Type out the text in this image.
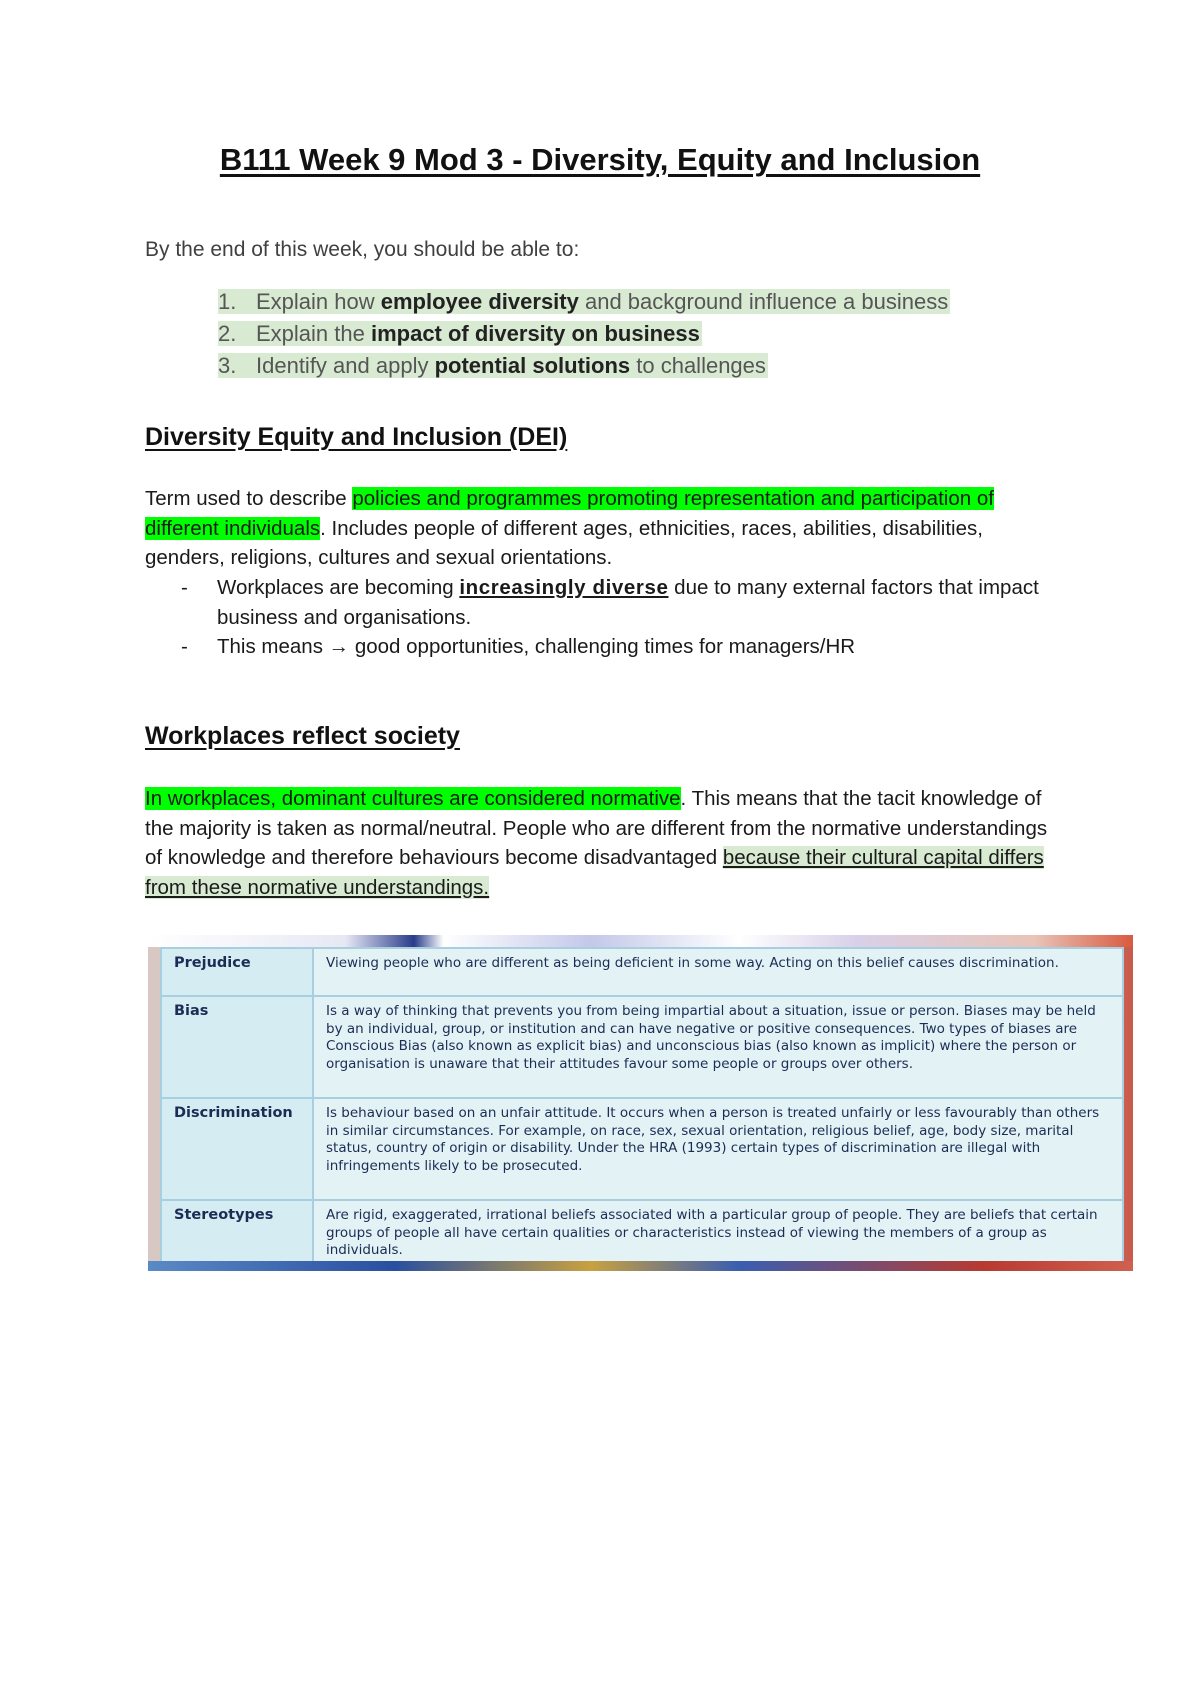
B111 Week 9 Mod 3 - Diversity, Equity and Inclusion
By the end of this week, you should be able to:
1. Explain how employee diversity and background influence a business
2. Explain the impact of diversity on business
3. Identify and apply potential solutions to challenges
Diversity Equity and Inclusion (DEI)
Term used to describe policies and programmes promoting representation and participation of different individuals. Includes people of different ages, ethnicities, races, abilities, disabilities, genders, religions, cultures and sexual orientations.
- Workplaces are becoming increasingly diverse due to many external factors that impact business and organisations.
- This means → good opportunities, challenging times for managers/HR
Workplaces reflect society
In workplaces, dominant cultures are considered normative. This means that the tacit knowledge of the majority is taken as normal/neutral. People who are different from the normative understandings of knowledge and therefore behaviours become disadvantaged because their cultural capital differs from these normative understandings.
Prejudice	Viewing people who are different as being deficient in some way. Acting on this belief causes discrimination.
Bias	Is a way of thinking that prevents you from being impartial about a situation, issue or person. Biases may be held by an individual, group, or institution and can have negative or positive consequences. Two types of biases are Conscious Bias (also known as explicit bias) and unconscious bias (also known as implicit) where the person or organisation is unaware that their attitudes favour some people or groups over others.
Discrimination	Is behaviour based on an unfair attitude. It occurs when a person is treated unfairly or less favourably than others in similar circumstances. For example, on race, sex, sexual orientation, religious belief, age, body size, marital status, country of origin or disability. Under the HRA (1993) certain types of discrimination are illegal with infringements likely to be prosecuted.
Stereotypes	Are rigid, exaggerated, irrational beliefs associated with a particular group of people. They are beliefs that certain groups of people all have certain qualities or characteristics instead of viewing the members of a group as individuals.
